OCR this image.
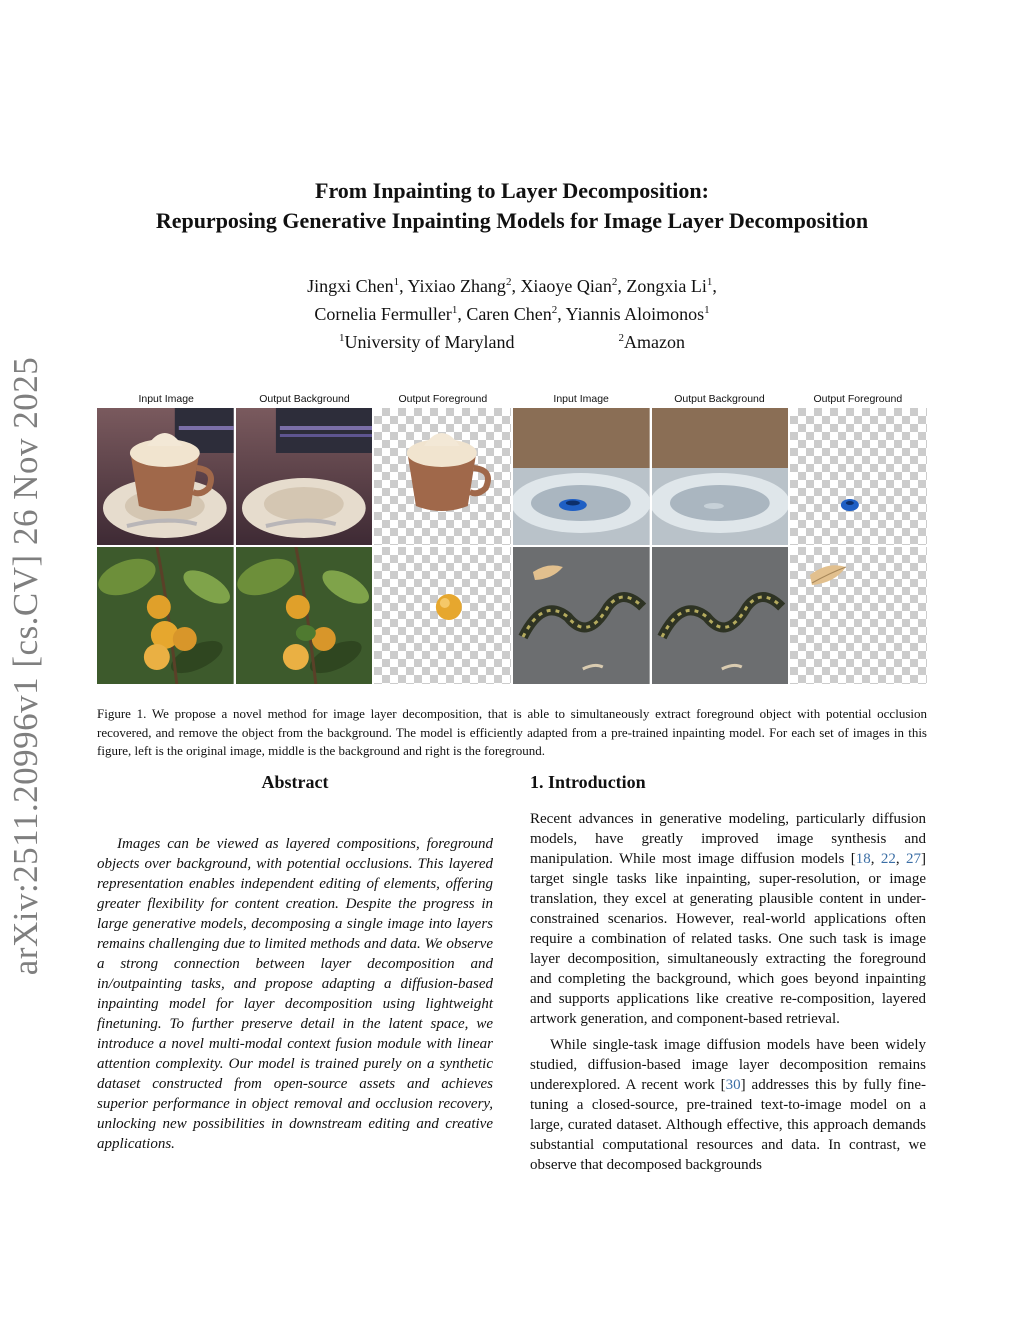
arXiv:2511.20996v1 [cs.CV] 26 Nov 2025
From Inpainting to Layer Decomposition:
Repurposing Generative Inpainting Models for Image Layer Decomposition
Jingxi Chen$^1$, Yixiao Zhang$^2$, Xiaoye Qian$^2$, Zongxia Li$^1$,
Cornelia Fermuller$^1$, Caren Chen$^2$, Yiannis Aloimonos$^1$
$^1$University of Maryland	$^2$Amazon
Input Image	Output Background	Output Foreground	Input Image	Output Background	Output Foreground
Figure 1. We propose a novel method for image layer decomposition, that is able to simultaneously extract foreground object with potential occlusion recovered, and remove the object from the background. The model is efficiently adapted from a pre-trained inpainting model. For each set of images in this figure, left is the original image, middle is the background and right is the foreground.
Abstract	1. Introduction

Images can be viewed as layered compositions, foreground objects over background, with potential occlusions. This layered representation enables independent editing of elements, offering greater flexibility for content creation. Despite the progress in large generative models, decomposing a single image into layers remains challenging due to limited methods and data. We observe a strong connection between layer decomposition and in/outpainting tasks, and propose adapting a diffusion-based inpainting model for layer decomposition using lightweight finetuning. To further preserve detail in the latent space, we introduce a novel multi-modal context fusion module with linear attention complexity. Our model is trained purely on a synthetic dataset constructed from open-source assets and achieves superior performance in object removal and occlusion recovery, unlocking new possibilities in downstream editing and creative applications.

Recent advances in generative modeling, particularly diffusion models, have greatly improved image synthesis and manipulation. While most image diffusion models [18, 22, 27] target single tasks like inpainting, super-resolution, or image translation, they excel at generating plausible content in under-constrained scenarios. However, real-world applications often require a combination of related tasks. One such task is image layer decomposition, simultaneously extracting the foreground and completing the background, which goes beyond inpainting and supports applications like creative re-composition, layered artwork generation, and component-based retrieval.

While single-task image diffusion models have been widely studied, diffusion-based image layer decomposition remains underexplored. A recent work [30] addresses this by fully fine-tuning a closed-source, pre-trained text-to-image model on a large, curated dataset. Although effective, this approach demands substantial computational resources and data. In contrast, we observe that decomposed backgrounds
